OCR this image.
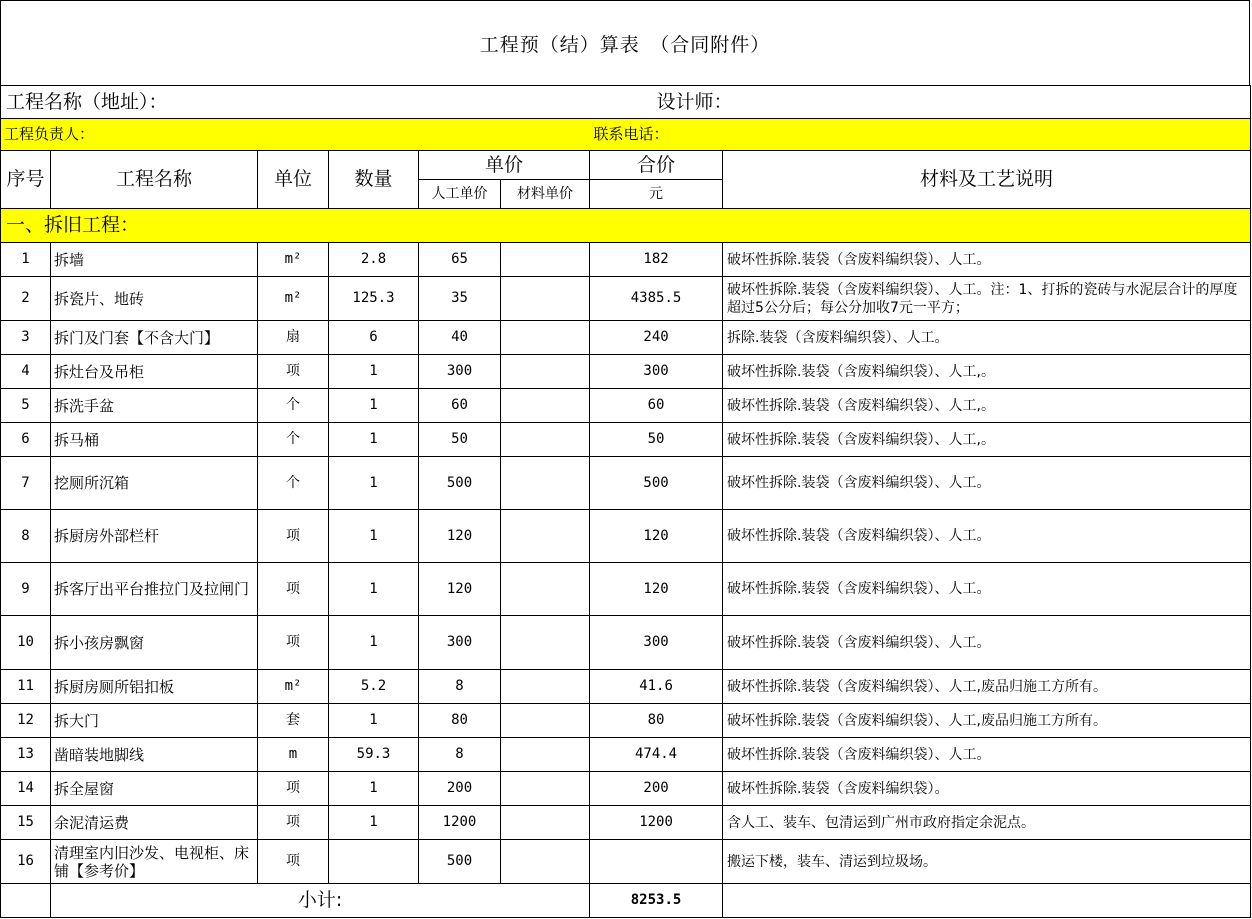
工程预（结）算表　（合同附件）
工程名称（地址）：						设计师：	
工程负责人：						联系电话：	
序号	工程名称	单位	数量	单价		合价	材料及工艺说明
				人工单价	材料单价	元	
一、拆旧工程：							
1	拆墙	m²	2.8	65		182	破坏性拆除.装袋（含废料编织袋）、人工。
2	拆瓷片、地砖	m²	125.3	35		4385.5	破坏性拆除.装袋（含废料编织袋）、人工。注：1、打拆的瓷砖与水泥层合计的厚度超过5公分后；每公分加收7元一平方；
3	拆门及门套【不含大门】	扇	6	40		240	拆除.装袋（含废料编织袋）、人工。
4	拆灶台及吊柜	项	1	300		300	破坏性拆除.装袋（含废料编织袋）、人工,。
5	拆洗手盆	个	1	60		60	破坏性拆除.装袋（含废料编织袋）、人工,。
6	拆马桶	个	1	50		50	破坏性拆除.装袋（含废料编织袋）、人工,。
7	挖厕所沉箱	个	1	500		500	破坏性拆除.装袋（含废料编织袋）、人工。
8	拆厨房外部栏杆	项	1	120		120	破坏性拆除.装袋（含废料编织袋）、人工。
9	拆客厅出平台推拉门及拉闸门	项	1	120		120	破坏性拆除.装袋（含废料编织袋）、人工。
10	拆小孩房飘窗	项	1	300		300	破坏性拆除.装袋（含废料编织袋）、人工。
11	拆厨房厕所铝扣板	m²	5.2	8		41.6	破坏性拆除.装袋（含废料编织袋）、人工,废品归施工方所有。
12	拆大门	套	1	80		80	破坏性拆除.装袋（含废料编织袋）、人工,废品归施工方所有。
13	凿暗装地脚线	m	59.3	8		474.4	破坏性拆除.装袋（含废料编织袋）、人工。
14	拆全屋窗	项	1	200		200	破坏性拆除.装袋（含废料编织袋）。
15	余泥清运费	项	1	1200		1200	含人工、装车、包清运到广州市政府指定余泥点。
16	清理室内旧沙发、电视柜、床铺【参考价】	项		500			搬运下楼，装车、清运到垃圾场。
	小计:					8253.5	
